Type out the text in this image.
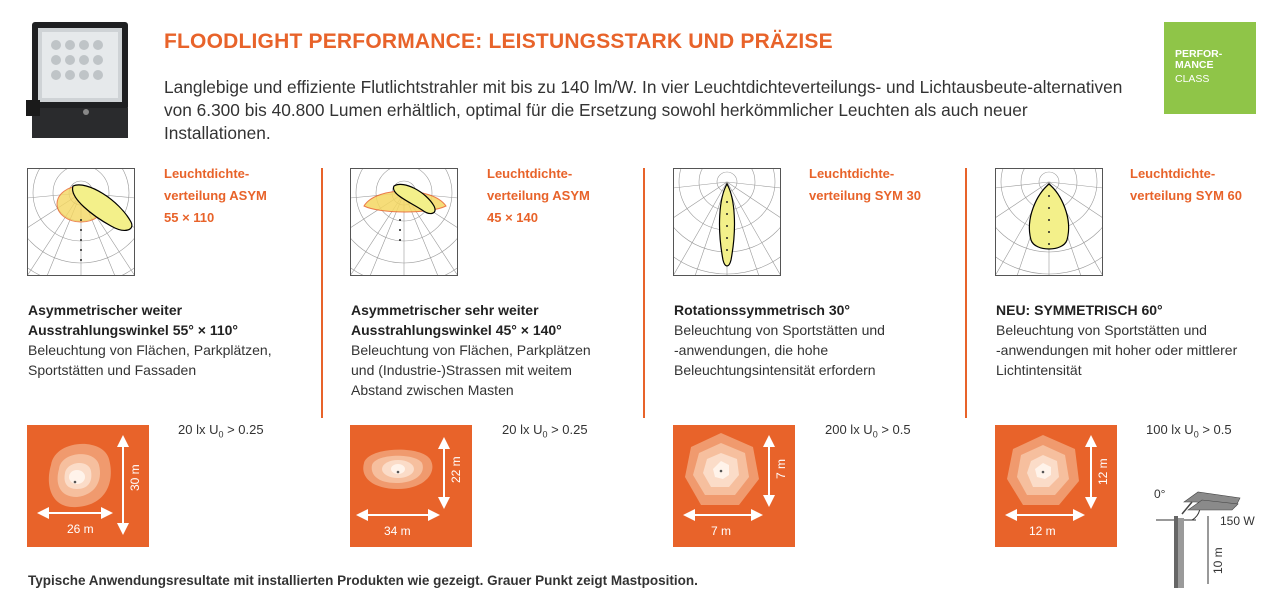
FLOODLIGHT PERFORMANCE: LEISTUNGSSTARK UND PRÄZISE
Langlebige und effiziente Flutlichtstrahler mit bis zu 140 lm/W. In vier Leuchtdichteverteilungs- und Lichtausbeute-alternativen von 6.300 bis 40.800 Lumen erhältlich, optimal für die Ersetzung sowohl herkömmlicher Leuchten als auch neuer Installationen.
PERFOR-
MANCE
CLASS
Leuchtdichte-
verteilung ASYM
55 × 110
Asymmetrischer weiter
Ausstrahlungswinkel 55° × 110°
Beleuchtung von Flächen, Parkplätzen,
Sportstätten und Fassaden
20 lx $U_0 > 0.25$
26 m
30 m
Leuchtdichte-
verteilung ASYM
45 × 140
Asymmetrischer sehr weiter
Ausstrahlungswinkel 45° × 140°
Beleuchtung von Flächen, Parkplätzen
und (Industrie-)Strassen mit weitem
Abstand zwischen Masten
20 lx $U_0 > 0.25$
34 m
22 m
Leuchtdichte-
verteilung SYM 30
Rotationssymmetrisch 30°
Beleuchtung von Sportstätten und
-anwendungen, die hohe
Beleuchtungsintensität erfordern
200 lx $U_0 > 0.5$
7 m
7 m
Leuchtdichte-
verteilung SYM 60
NEU: SYMMETRISCH 60°
Beleuchtung von Sportstätten und
-anwendungen mit hoher oder mittlerer
Lichtintensität
100 lx $U_0 > 0.5$
12 m
12 m
0°
150 W
10 m
Typische Anwendungsresultate mit installierten Produkten wie gezeigt. Grauer Punkt zeigt Mastposition.
